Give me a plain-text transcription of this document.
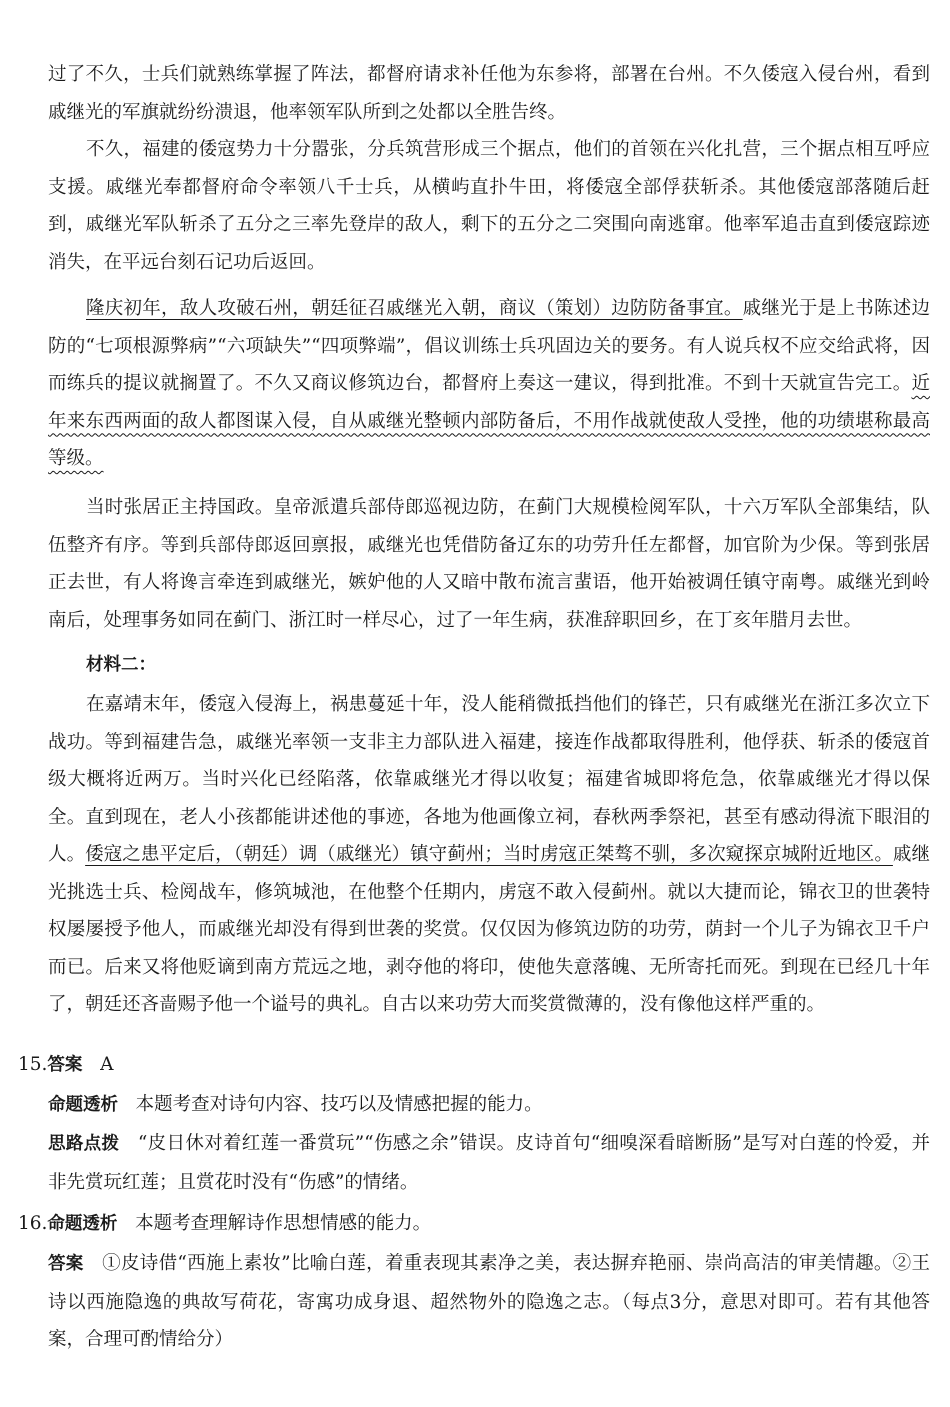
过了不久，士兵们就熟练掌握了阵法，都督府请求补任他为东参将，部署在台州。不久倭寇入侵台州，看到戚继光的军旗就纷纷溃退，他率领军队所到之处都以全胜告终。

不久，福建的倭寇势力十分嚣张，分兵筑营形成三个据点，他们的首领在兴化扎营，三个据点相互呼应支援。戚继光奉都督府命令率领八千士兵，从横屿直扑牛田，将倭寇全部俘获斩杀。其他倭寇部落随后赶到，戚继光军队斩杀了五分之三率先登岸的敌人，剩下的五分之二突围向南逃窜。他率军追击直到倭寇踪迹消失，在平远台刻石记功后返回。

隆庆初年，敌人攻破石州，朝廷征召戚继光入朝，商议（策划）边防防备事宜。戚继光于是上书陈述边防的“七项根源弊病”“六项缺失”“四项弊端”，倡议训练士兵巩固边关的要务。有人说兵权不应交给武将，因而练兵的提议就搁置了。不久又商议修筑边台，都督府上奏这一建议，得到批准。不到十天就宣告完工。近年来东西两面的敌人都图谋入侵，自从戚继光整顿内部防备后，不用作战就使敌人受挫，他的功绩堪称最高等级。

当时张居正主持国政。皇帝派遣兵部侍郎巡视边防，在蓟门大规模检阅军队，十六万军队全部集结，队伍整齐有序。等到兵部侍郎返回禀报，戚继光也凭借防备辽东的功劳升任左都督，加官阶为少保。等到张居正去世，有人将谗言牵连到戚继光，嫉妒他的人又暗中散布流言蜚语，他开始被调任镇守南粤。戚继光到岭南后，处理事务如同在蓟门、浙江时一样尽心，过了一年生病，获准辞职回乡，在丁亥年腊月去世。

材料二：

在嘉靖末年，倭寇入侵海上，祸患蔓延十年，没人能稍微抵挡他们的锋芒，只有戚继光在浙江多次立下战功。等到福建告急，戚继光率领一支非主力部队进入福建，接连作战都取得胜利，他俘获、斩杀的倭寇首级大概将近两万。当时兴化已经陷落，依靠戚继光才得以收复；福建省城即将危急，依靠戚继光才得以保全。直到现在，老人小孩都能讲述他的事迹，各地为他画像立祠，春秋两季祭祀，甚至有感动得流下眼泪的人。倭寇之患平定后，（朝廷）调（戚继光）镇守蓟州；当时虏寇正桀骜不驯，多次窥探京城附近地区。戚继光挑选士兵、检阅战车，修筑城池，在他整个任期内，虏寇不敢入侵蓟州。就以大捷而论，锦衣卫的世袭特权屡屡授予他人，而戚继光却没有得到世袭的奖赏。仅仅因为修筑边防的功劳，荫封一个儿子为锦衣卫千户而已。后来又将他贬谪到南方荒远之地，剥夺他的将印，使他失意落魄、无所寄托而死。到现在已经几十年了，朝廷还吝啬赐予他一个谥号的典礼。自古以来功劳大而奖赏微薄的，没有像他这样严重的。

15.答案 A

命题透析 本题考查对诗句内容、技巧以及情感把握的能力。

思路点拨 “皮日休对着红莲一番赏玩”“伤感之余”错误。皮诗首句“细嗅深看暗断肠”是写对白莲的怜爱，并非先赏玩红莲；且赏花时没有“伤感”的情绪。

16.命题透析 本题考查理解诗作思想情感的能力。

答案 ①皮诗借“西施上素妆”比喻白莲，着重表现其素净之美，表达摒弃艳丽、崇尚高洁的审美情趣。②王诗以西施隐逸的典故写荷花，寄寓功成身退、超然物外的隐逸之志。（每点3分，意思对即可。若有其他答案，合理可酌情给分）
